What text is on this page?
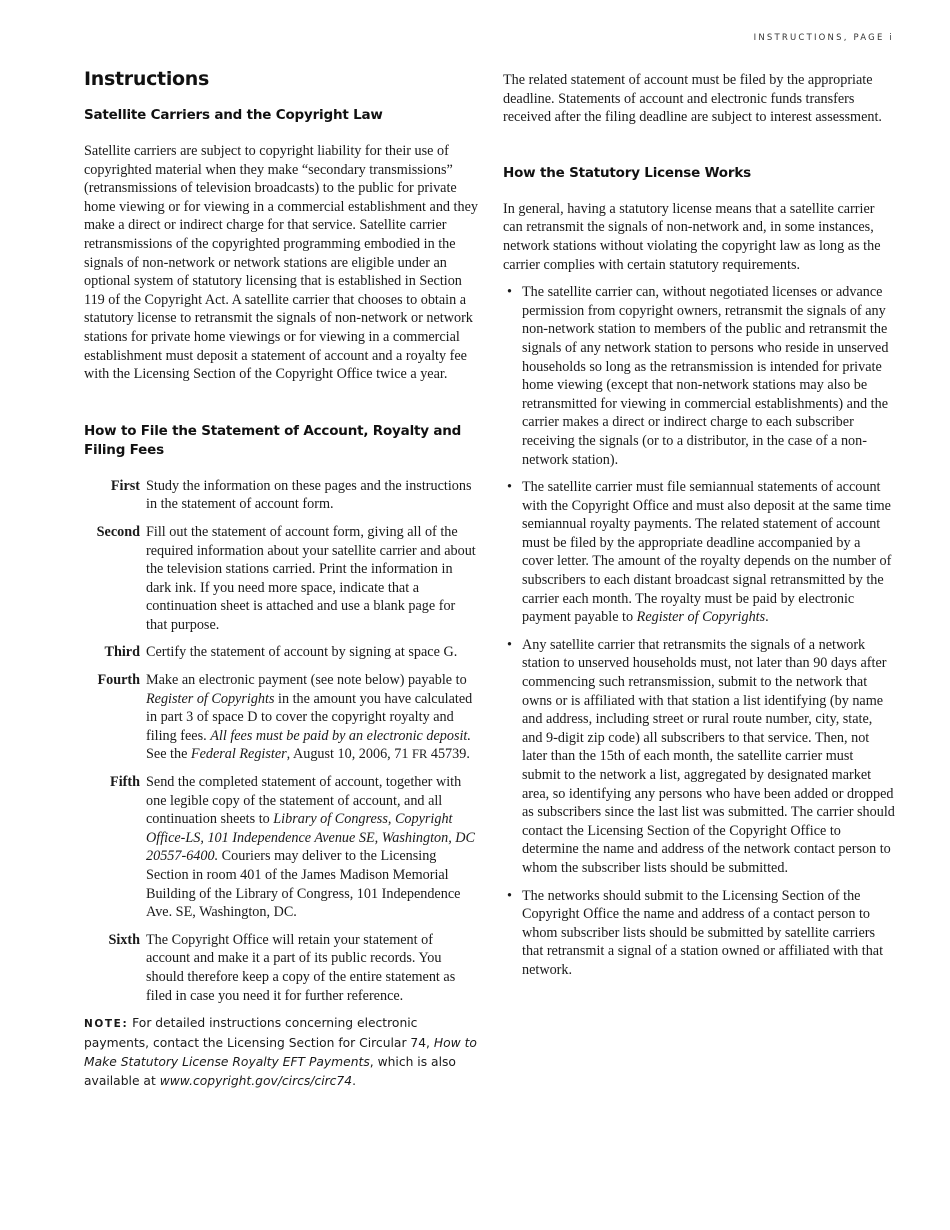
INSTRUCTIONS, PAGE i
Instructions
Satellite Carriers and the Copyright Law

Satellite carriers are subject to copyright liability for their use of copyrighted material when they make “secondary transmissions” (retransmissions of television broadcasts) to the public for private home viewing or for viewing in a commercial establishment and they make a direct or indirect charge for that service. Satellite carrier retransmissions of the copyrighted programming embodied in the signals of non-network or network stations are eligible under an optional system of statutory licensing that is established in Section 119 of the Copyright Act. A satellite carrier that chooses to obtain a statutory license to retransmit the signals of non-network or network stations for private home viewings or for viewing in a commercial establishment must deposit a statement of account and a royalty fee with the Licensing Section of the Copyright Office twice a year.

How to File the Statement of Account, Royalty and Filing Fees
First Study the information on these pages and the instructions in the statement of account form.
Second Fill out the statement of account form, giving all of the required information about your satellite carrier and about the television stations carried. Print the information in dark ink. If you need more space, indicate that a continuation sheet is attached and use a blank page for that purpose.
Third Certify the statement of account by signing at space G.
Fourth Make an electronic payment (see note below) payable to Register of Copyrights in the amount you have calculated in part 3 of space D to cover the copyright royalty and filing fees. All fees must be paid by an electronic deposit. See the Federal Register, August 10, 2006, 71 FR 45739.
Fifth Send the completed statement of account, together with one legible copy of the statement of account, and all continuation sheets to Library of Congress, Copyright Office-LS, 101 Independence Avenue SE, Washington, DC 20557-6400. Couriers may deliver to the Licensing Section in room 401 of the James Madison Memorial Building of the Library of Congress, 101 Independence Ave. SE, Washington, DC.
Sixth The Copyright Office will retain your statement of account and make it a part of its public records. You should therefore keep a copy of the entire statement as filed in case you need it for further reference.

NOTE: For detailed instructions concerning electronic payments, contact the Licensing Section for Circular 74, How to Make Statutory License Royalty EFT Payments, which is also available at www.copyright.gov/circs/circ74.

The related statement of account must be filed by the appropriate deadline. Statements of account and electronic funds transfers received after the filing deadline are subject to interest assessment.

How the Statutory License Works

In general, having a statutory license means that a satellite carrier can retransmit the signals of non-network and, in some instances, network stations without violating the copyright law as long as the carrier complies with certain statutory requirements.

• The satellite carrier can, without negotiated licenses or advance permission from copyright owners, retransmit the signals of any non-network station to members of the public and retransmit the signals of any network station to persons who reside in unserved households so long as the retransmission is intended for private home viewing (except that non-network stations may also be retransmitted for viewing in commercial establishments) and the carrier makes a direct or indirect charge to each subscriber receiving the signals (or to a distributor, in the case of a non-network station).
• The satellite carrier must file semiannual statements of account with the Copyright Office and must also deposit at the same time semiannual royalty payments. The related statement of account must be filed by the appropriate deadline accompanied by a cover letter. The amount of the royalty depends on the number of subscribers to each distant broadcast signal retransmitted by the carrier each month. The royalty must be paid by electronic payment payable to Register of Copyrights.
• Any satellite carrier that retransmits the signals of a network station to unserved households must, not later than 90 days after commencing such retransmission, submit to the network that owns or is affiliated with that station a list identifying (by name and address, including street or rural route number, city, state, and 9-digit zip code) all subscribers to that service. Then, not later than the 15th of each month, the satellite carrier must submit to the network a list, aggregated by designated market area, so identifying any persons who have been added or dropped as subscribers since the last list was submitted. The carrier should contact the Licensing Section of the Copyright Office to determine the name and address of the network contact person to whom the subscriber lists should be submitted.
• The networks should submit to the Licensing Section of the Copyright Office the name and address of a contact person to whom subscriber lists should be submitted by satellite carriers that retransmit a signal of a station owned or affiliated with that network.
